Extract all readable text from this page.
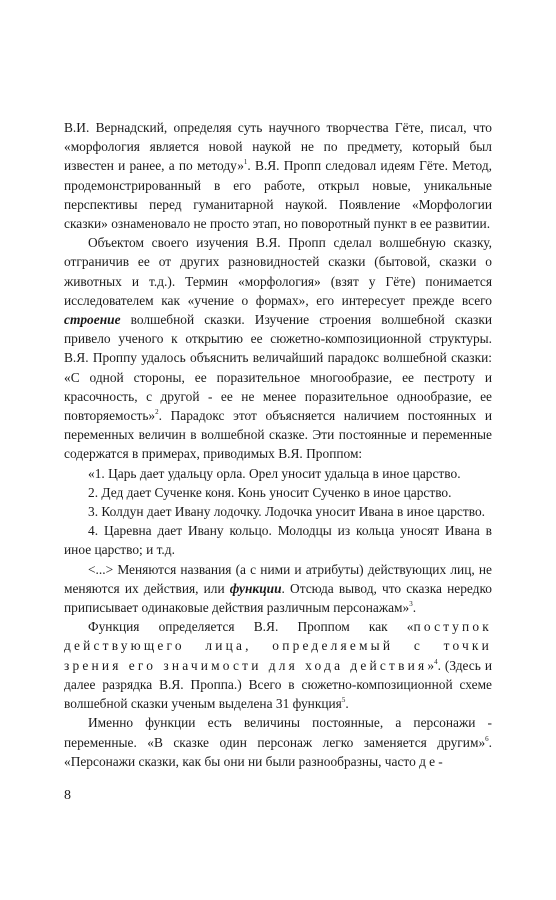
В.И. Вернадский, определяя суть научного творчества Гёте, писал, что «морфология является новой наукой не по предмету, который был известен и ранее, а по методу»$^1$. В.Я. Пропп следовал идеям Гёте. Метод, продемонстрированный в его работе, открыл новые, уникальные перспективы перед гуманитарной наукой. Появление «Морфологии сказки» ознаменовало не просто этап, но поворотный пункт в ее развитии.

Объектом своего изучения В.Я. Пропп сделал волшебную сказку, отграничив ее от других разновидностей сказки (бытовой, сказки о животных и т.д.). Термин «морфология» (взят у Гёте) понимается исследователем как «учение о формах», его интересует прежде всего строение волшебной сказки. Изучение строения волшебной сказки привело ученого к открытию ее сюжетно-композиционной структуры. В.Я. Проппу удалось объяснить величайший парадокс волшебной сказки: «С одной стороны, ее поразительное многообразие, ее пестроту и красочность, с другой - ее не менее поразительное однообразие, ее повторяемость»$^2$. Парадокс этот объясняется наличием постоянных и переменных величин в волшебной сказке. Эти постоянные и переменные содержатся в примерах, приводимых В.Я. Проппом:

«1. Царь дает удальцу орла. Орел уносит удальца в иное царство.

2. Дед дает Сученке коня. Конь уносит Сученко в иное царство.

3. Колдун дает Ивану лодочку. Лодочка уносит Ивана в иное царство.

4. Царевна дает Ивану кольцо. Молодцы из кольца уносят Ивана в иное царство; и т.д.

<...> Меняются названия (а с ними и атрибуты) действующих лиц, не меняются их действия, или функции. Отсюда вывод, что сказка нередко приписывает одинаковые действия различным персонажам»$^3$.

Функция определяется В.Я. Проппом как «поступок действующего лица, определяемый с точки зрения его значимости для хода действия»$^4$. (Здесь и далее разрядка В.Я. Проппа.) Всего в сюжетно-композиционной схеме волшебной сказки ученым выделена 31 функция$^5$.

Именно функции есть величины постоянные, а персонажи - переменные. «В сказке один персонаж легко заменяется другим»$^6$. «Персонажи сказки, как бы они ни были разнообразны, часто де-

8
